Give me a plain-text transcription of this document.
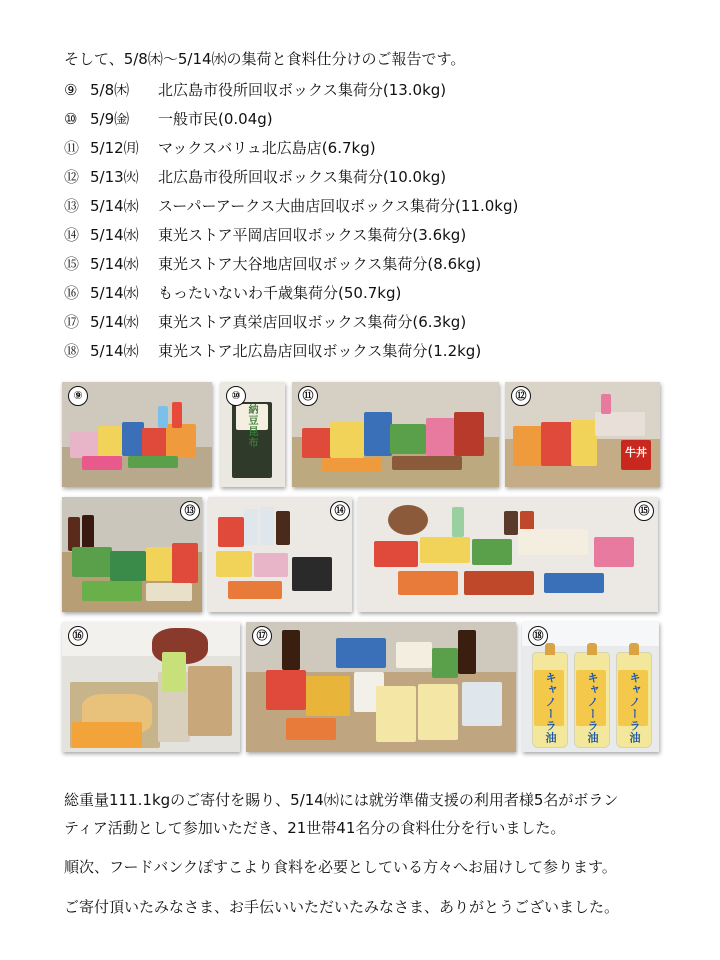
そして、5/8㈭～5/14㈬の集荷と食料仕分けのご報告です。
⑨ 5/8㈭ 北広島市役所回収ボックス集荷分(13.0kg)
⑩ 5/9㈮ 一般市民(0.04g)
⑪ 5/12㈪ マックスバリュ北広島店(6.7kg)
⑫ 5/13㈫ 北広島市役所回収ボックス集荷分(10.0kg)
⑬ 5/14㈬ スーパーアークス大曲店回収ボックス集荷分(11.0kg)
⑭ 5/14㈬ 東光ストア平岡店回収ボックス集荷分(3.6kg)
⑮ 5/14㈬ 東光ストア大谷地店回収ボックス集荷分(8.6kg)
⑯ 5/14㈬ もったいないわ千歳集荷分(50.7kg)
⑰ 5/14㈬ 東光ストア真栄店回収ボックス集荷分(6.3kg)
⑱ 5/14㈬ 東光ストア北広島店回収ボックス集荷分(1.2kg)
⑨
納豆昆布
⑩	⑪
牛丼
⑫
⑬	⑭	⑮
⑯	⑰
キャノーラ油	キャノーラ油	キャノーラ油
⑱

総重量111.1kgのご寄付を賜り、5/14㈬には就労準備支援の利用者様5名がボラン
ティア活動として参加いただき、21世帯41名分の食料仕分を行いました。

順次、フードバンクぽすこより食料を必要としている方々へお届けして参ります。

ご寄付頂いたみなさま、お手伝いいただいたみなさま、ありがとうございました。
